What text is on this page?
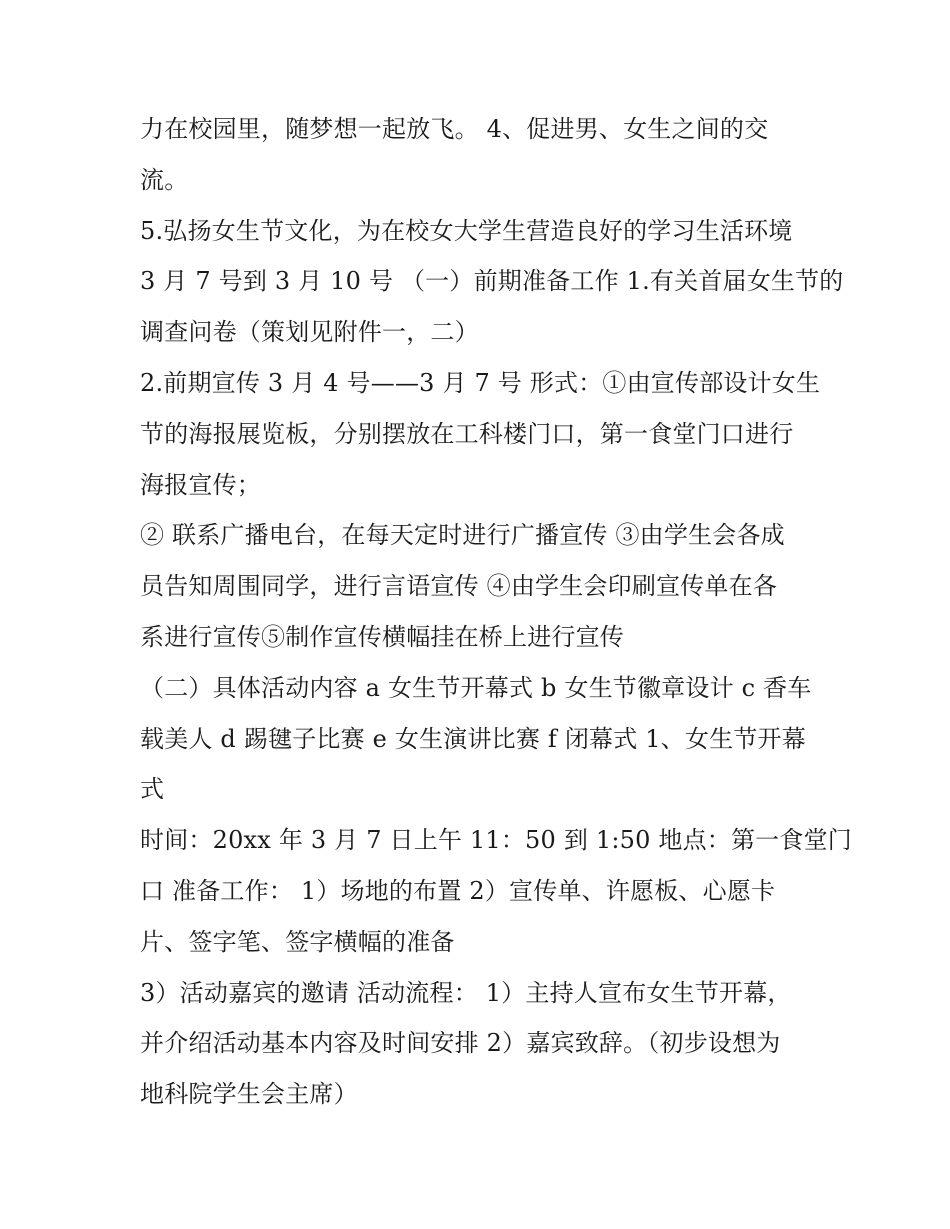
力在校园里，随梦想一起放飞。 4、促进男、女生之间的交
流。
5.弘扬女生节文化，为在校女大学生营造良好的学习生活环境
3 月 7 号到 3 月 10 号 （一）前期准备工作 1.有关首届女生节的
调查问卷（策划见附件一，二）
2.前期宣传 3 月 4 号——3 月 7 号 形式：①由宣传部设计女生
节的海报展览板，分别摆放在工科楼门口，第一食堂门口进行
海报宣传；
② 联系广播电台，在每天定时进行广播宣传 ③由学生会各成
员告知周围同学，进行言语宣传 ④由学生会印刷宣传单在各
系进行宣传⑤制作宣传横幅挂在桥上进行宣传
（二）具体活动内容 a 女生节开幕式 b 女生节徽章设计 c 香车
载美人 d 踢毽子比赛 e 女生演讲比赛 f 闭幕式 1、女生节开幕
式
时间：20xx 年 3 月 7 日上午 11：50 到 1:50 地点：第一食堂门
口 准备工作： 1）场地的布置 2）宣传单、许愿板、心愿卡
片、签字笔、签字横幅的准备
3）活动嘉宾的邀请 活动流程： 1）主持人宣布女生节开幕，
并介绍活动基本内容及时间安排 2）嘉宾致辞。（初步设想为
地科院学生会主席）
